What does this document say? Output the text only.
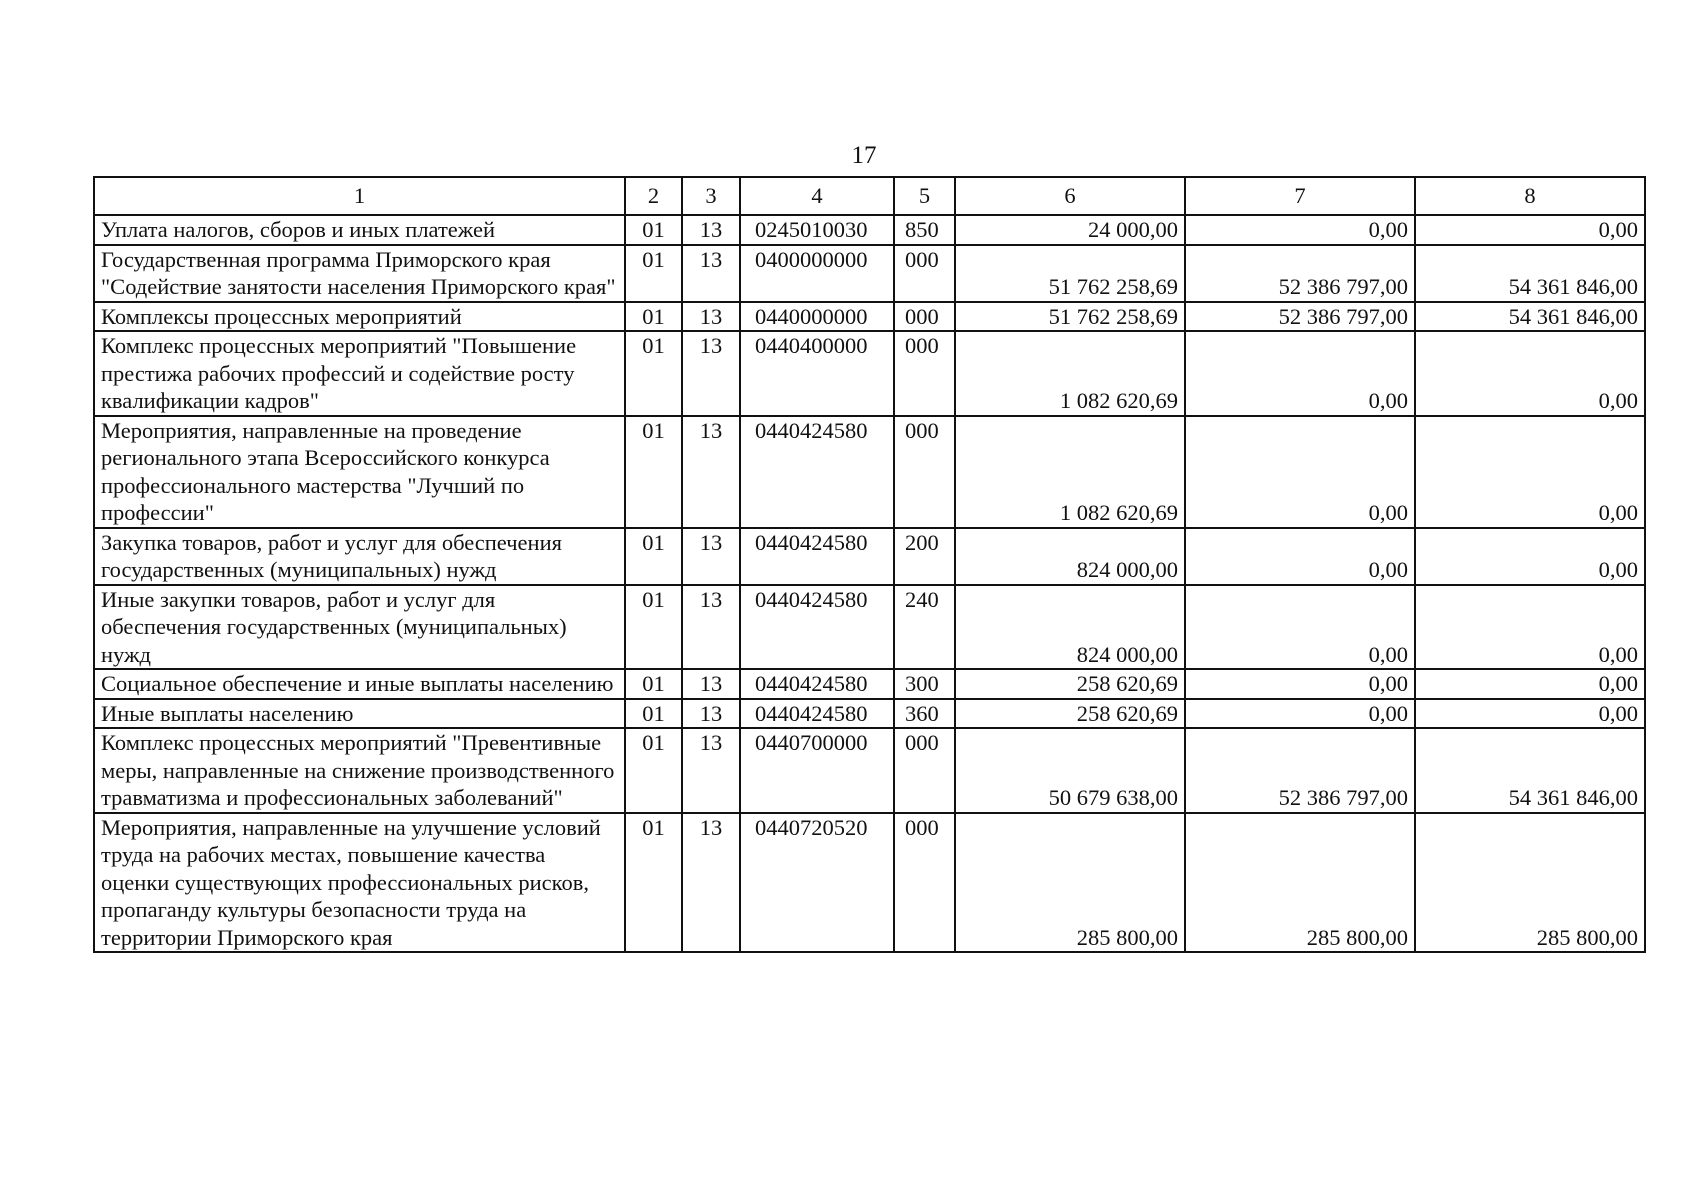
17
1	2	3	4	5	6	7	8
Уплата налогов, сборов и иных платежей	01	13	0245010030	850	24 000,00	0,00	0,00
Государственная программа Приморского края "Содействие занятости населения Приморского края"	01	13	0400000000	000	51 762 258,69	52 386 797,00	54 361 846,00
Комплексы процессных мероприятий	01	13	0440000000	000	51 762 258,69	52 386 797,00	54 361 846,00
Комплекс процессных мероприятий "Повышение престижа рабочих профессий и содействие росту квалификации кадров"	01	13	0440400000	000	1 082 620,69	0,00	0,00
Мероприятия, направленные на проведение регионального этапа Всероссийского конкурса профессионального мастерства "Лучший по профессии"	01	13	0440424580	000	1 082 620,69	0,00	0,00
Закупка товаров, работ и услуг для обеспечения государственных (муниципальных) нужд	01	13	0440424580	200	824 000,00	0,00	0,00
Иные закупки товаров, работ и услуг для обеспечения государственных (муниципальных) нужд	01	13	0440424580	240	824 000,00	0,00	0,00
Социальное обеспечение и иные выплаты населению	01	13	0440424580	300	258 620,69	0,00	0,00
Иные выплаты населению	01	13	0440424580	360	258 620,69	0,00	0,00
Комплекс процессных мероприятий "Превентивные меры, направленные на снижение производственного травматизма и профессиональных заболеваний"	01	13	0440700000	000	50 679 638,00	52 386 797,00	54 361 846,00
Мероприятия, направленные на улучшение условий труда на рабочих местах, повышение качества оценки существующих профессиональных рисков, пропаганду культуры безопасности труда на территории Приморского края	01	13	0440720520	000	285 800,00	285 800,00	285 800,00
